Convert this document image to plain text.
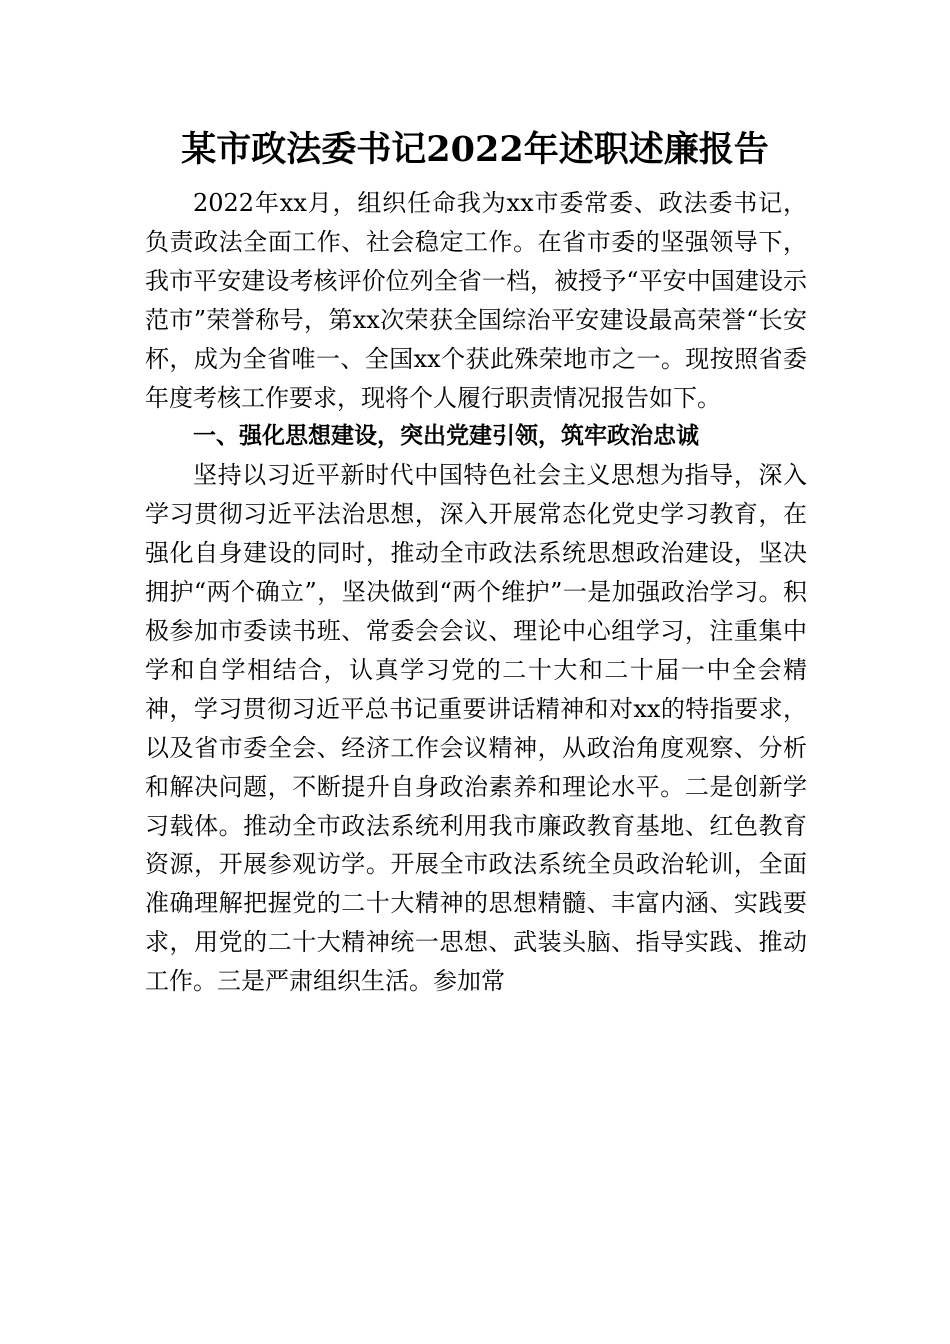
某市政法委书记2022年述职述廉报告

2022年xx月，组织任命我为xx市委常委、政法委书记，负责政法全面工作、社会稳定工作。在省市委的坚强领导下，我市平安建设考核评价位列全省一档，被授予“平安中国建设示范市”荣誉称号，第xx次荣获全国综治平安建设最高荣誉“长安杯，成为全省唯一、全国xx个获此殊荣地市之一。现按照省委年度考核工作要求，现将个人履行职责情况报告如下。

一、强化思想建设，突出党建引领，筑牢政治忠诚

坚持以习近平新时代中国特色社会主义思想为指导，深入学习贯彻习近平法治思想，深入开展常态化党史学习教育，在强化自身建设的同时，推动全市政法系统思想政治建设，坚决拥护“两个确立”，坚决做到“两个维护”一是加强政治学习。积极参加市委读书班、常委会会议、理论中心组学习，注重集中学和自学相结合，认真学习党的二十大和二十届一中全会精神，学习贯彻习近平总书记重要讲话精神和对xx的特指要求，以及省市委全会、经济工作会议精神，从政治角度观察、分析和解决问题，不断提升自身政治素养和理论水平。二是创新学习载体。推动全市政法系统利用我市廉政教育基地、红色教育资源，开展参观访学。开展全市政法系统全员政治轮训，全面准确理解把握党的二十大精神的思想精髓、丰富内涵、实践要求，用党的二十大精神统一思想、武装头脑、指导实践、推动工作。三是严肃组织生活。参加常
